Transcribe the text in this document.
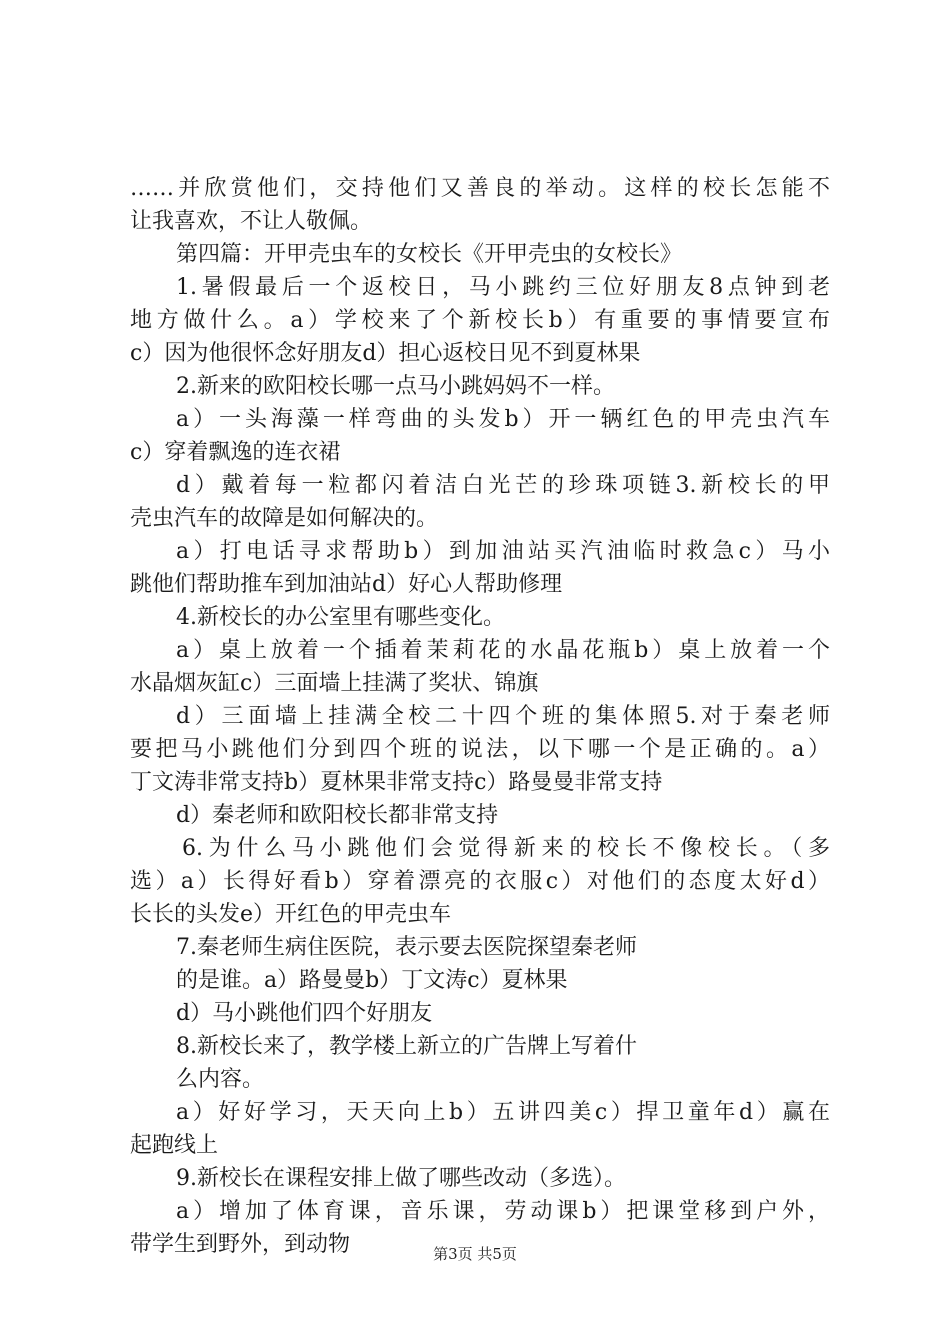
……并欣赏他们，交持他们又善良的举动。这样的校长怎能不
让我喜欢，不让人敬佩。
第四篇：开甲壳虫车的女校长《开甲壳虫的女校长》
1.暑假最后一个返校日，马小跳约三位好朋友8点钟到老
地方做什么。a）学校来了个新校长b）有重要的事情要宣布
c）因为他很怀念好朋友d）担心返校日见不到夏林果
2.新来的欧阳校长哪一点马小跳妈妈不一样。
a）一头海藻一样弯曲的头发b）开一辆红色的甲壳虫汽车
c）穿着飘逸的连衣裙
d）戴着每一粒都闪着洁白光芒的珍珠项链3.新校长的甲
壳虫汽车的故障是如何解决的。
a）打电话寻求帮助b）到加油站买汽油临时救急c）马小
跳他们帮助推车到加油站d）好心人帮助修理
4.新校长的办公室里有哪些变化。
a）桌上放着一个插着茉莉花的水晶花瓶b）桌上放着一个
水晶烟灰缸c）三面墙上挂满了奖状、锦旗
d）三面墙上挂满全校二十四个班的集体照5.对于秦老师
要把马小跳他们分到四个班的说法，以下哪一个是正确的。a）
丁文涛非常支持b）夏林果非常支持c）路曼曼非常支持
d）秦老师和欧阳校长都非常支持
6.为什么马小跳他们会觉得新来的校长不像校长。（多
选）a）长得好看b）穿着漂亮的衣服c）对他们的态度太好d）
长长的头发e）开红色的甲壳虫车
7.秦老师生病住医院，表示要去医院探望秦老师
的是谁。a）路曼曼b）丁文涛c）夏林果
d）马小跳他们四个好朋友
8.新校长来了，教学楼上新立的广告牌上写着什
么内容。
a）好好学习，天天向上b）五讲四美c）捍卫童年d）赢在
起跑线上
9.新校长在课程安排上做了哪些改动（多选）。
a）增加了体育课，音乐课，劳动课b）把课堂移到户外，
带学生到野外，到动物	第3页 共5页
